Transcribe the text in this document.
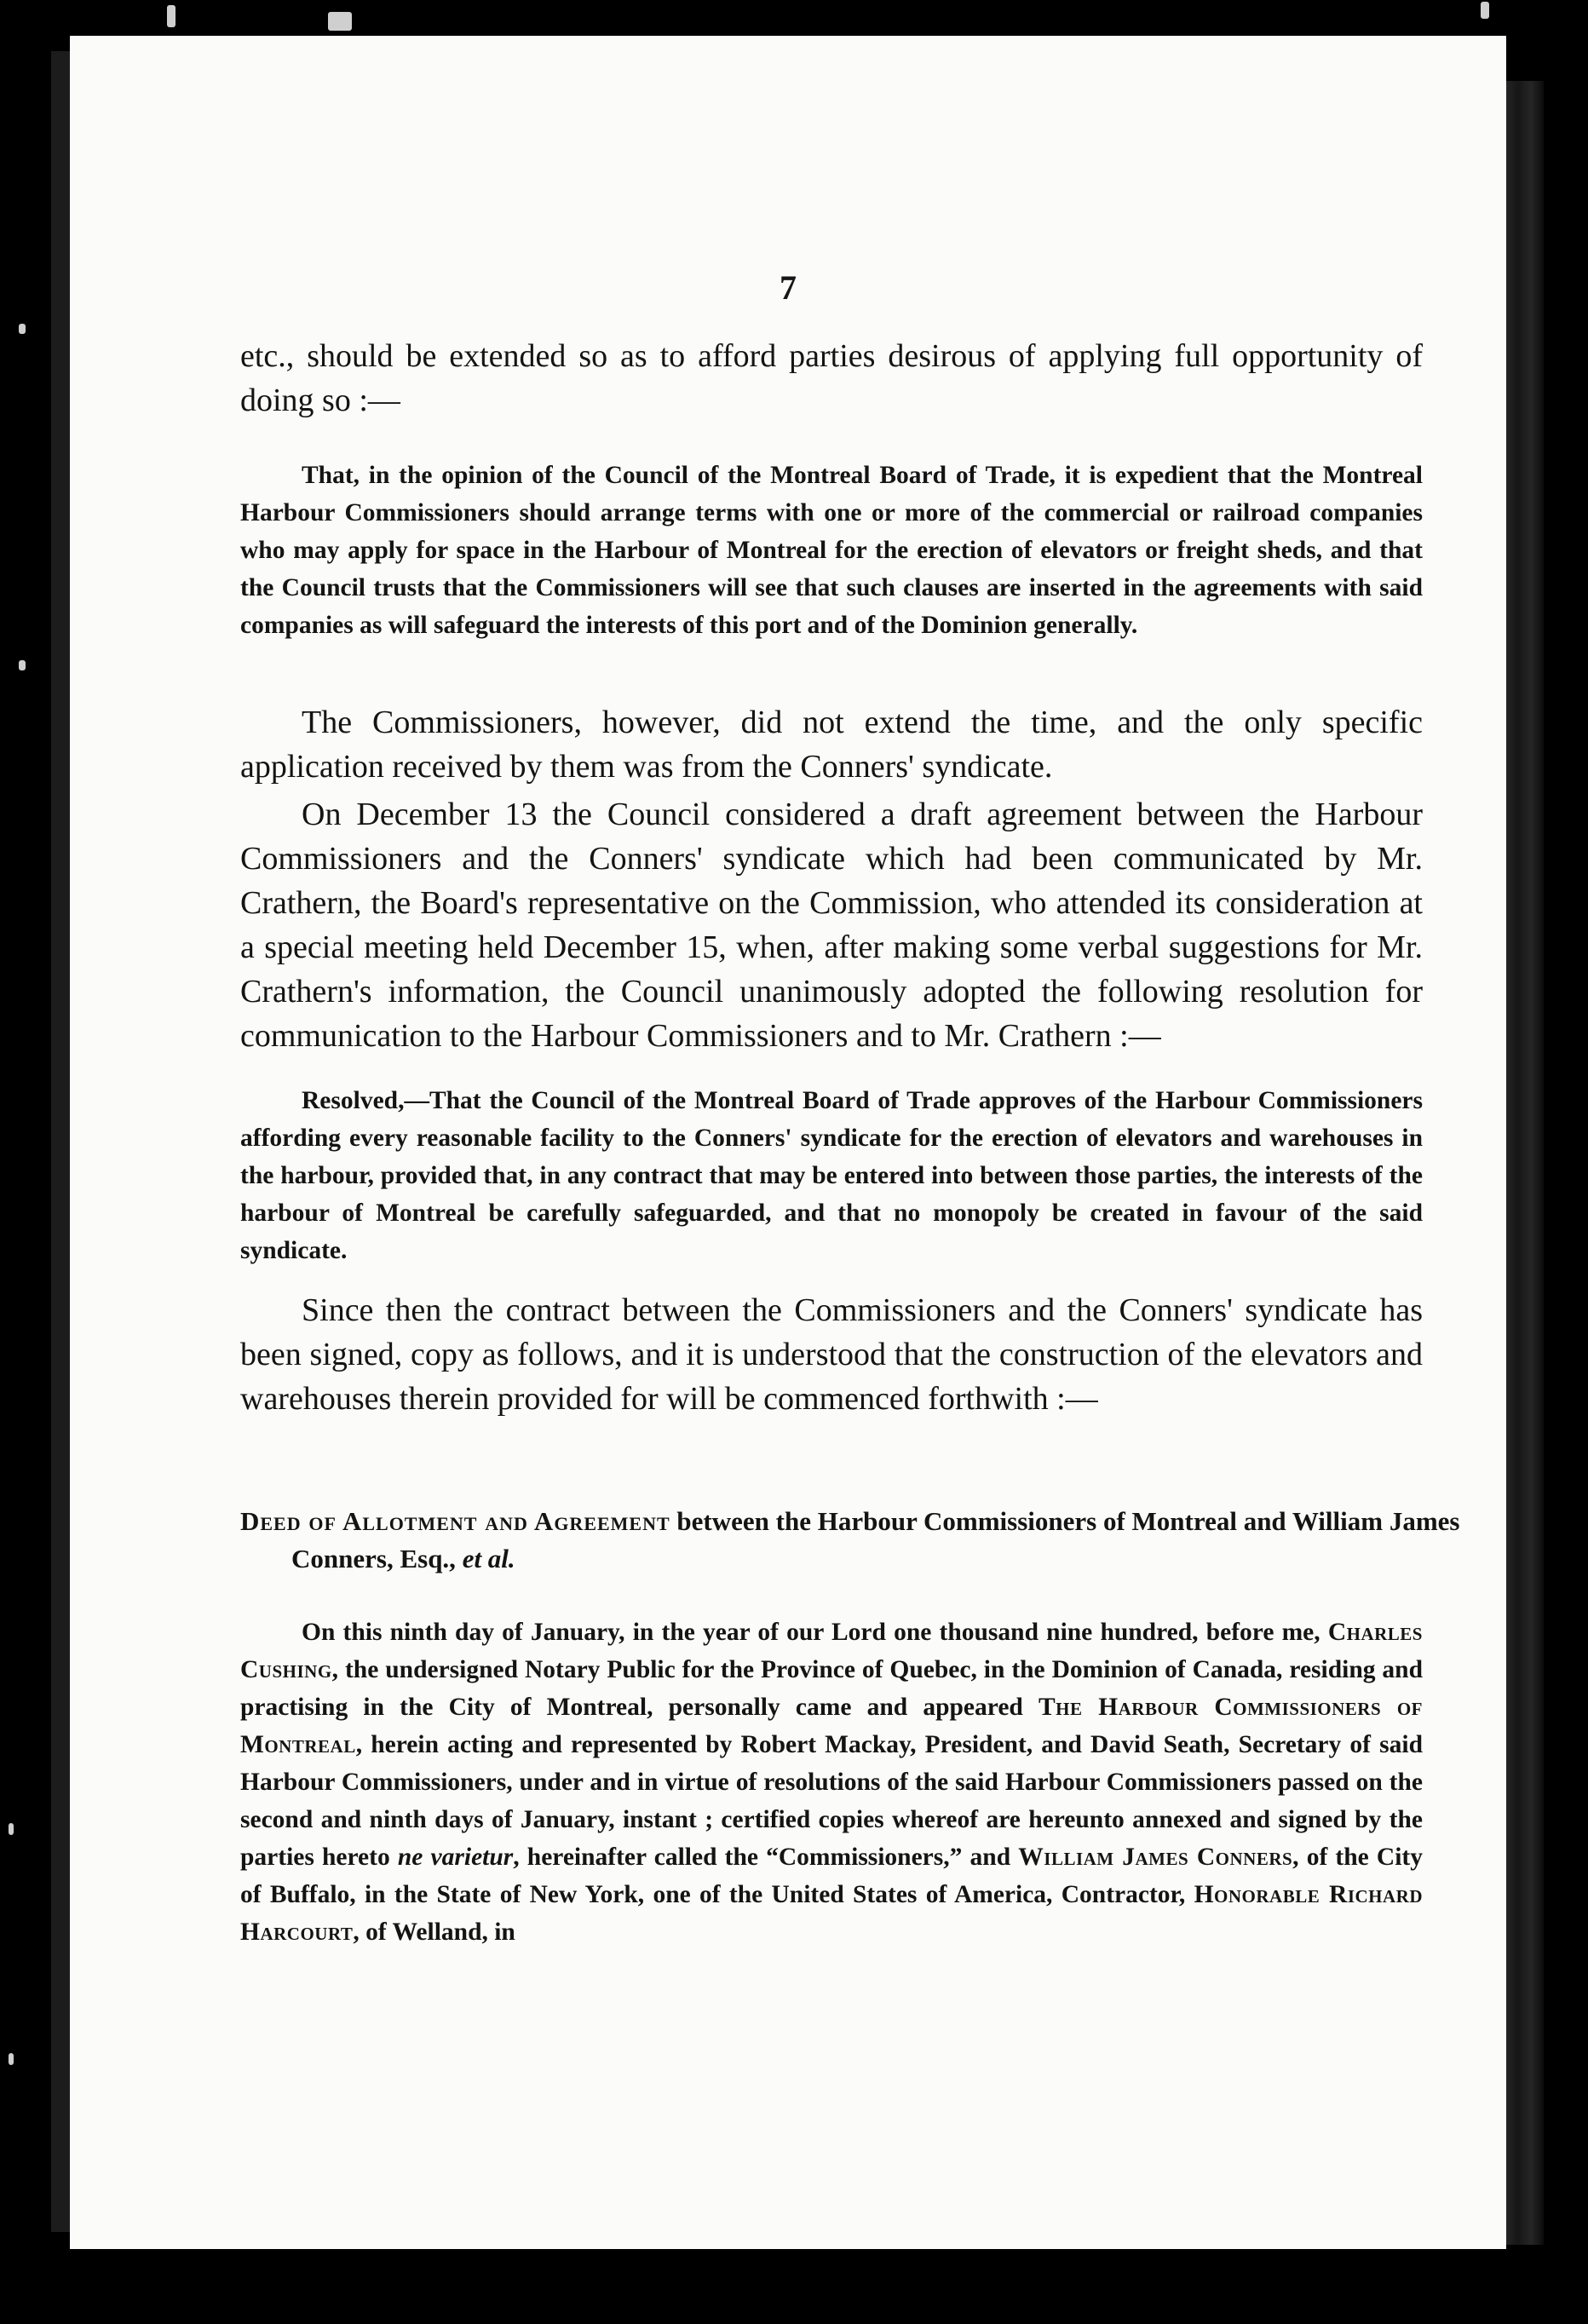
7

etc., should be extended so as to afford parties desirous of applying full opportunity of doing so :—

That, in the opinion of the Council of the Montreal Board of Trade, it is expedient that the Montreal Harbour Commissioners should arrange terms with one or more of the commercial or railroad companies who may apply for space in the Harbour of Montreal for the erection of elevators or freight sheds, and that the Council trusts that the Commissioners will see that such clauses are inserted in the agreements with said companies as will safeguard the interests of this port and of the Dominion generally.

The Commissioners, however, did not extend the time, and the only specific application received by them was from the Conners' syndicate.

On December 13 the Council considered a draft agreement between the Harbour Commissioners and the Conners' syndicate which had been communicated by Mr. Crathern, the Board's representative on the Commission, who attended its consideration at a special meeting held December 15, when, after making some verbal suggestions for Mr. Crathern's information, the Council unanimously adopted the following resolution for communication to the Harbour Commissioners and to Mr. Crathern :—

Resolved,—That the Council of the Montreal Board of Trade approves of the Harbour Commissioners affording every reasonable facility to the Conners' syndicate for the erection of elevators and warehouses in the harbour, provided that, in any contract that may be entered into between those parties, the interests of the harbour of Montreal be carefully safeguarded, and that no monopoly be created in favour of the said syndicate.

Since then the contract between the Commissioners and the Conners' syndicate has been signed, copy as follows, and it is understood that the construction of the elevators and warehouses therein provided for will be commenced forthwith :—

Deed of Allotment and Agreement between the Harbour Commissioners of Montreal and William James Conners, Esq., et al.

On this ninth day of January, in the year of our Lord one thousand nine hundred, before me, Charles Cushing, the undersigned Notary Public for the Province of Quebec, in the Dominion of Canada, residing and practising in the City of Montreal, personally came and appeared The Harbour Commissioners of Montreal, herein acting and represented by Robert Mackay, President, and David Seath, Secretary of said Harbour Commissioners, under and in virtue of resolutions of the said Harbour Commissioners passed on the second and ninth days of January, instant ; certified copies whereof are hereunto annexed and signed by the parties hereto ne varietur, hereinafter called the “Commissioners,” and William James Conners, of the City of Buffalo, in the State of New York, one of the United States of America, Contractor, Honorable Richard Harcourt, of Welland, in
